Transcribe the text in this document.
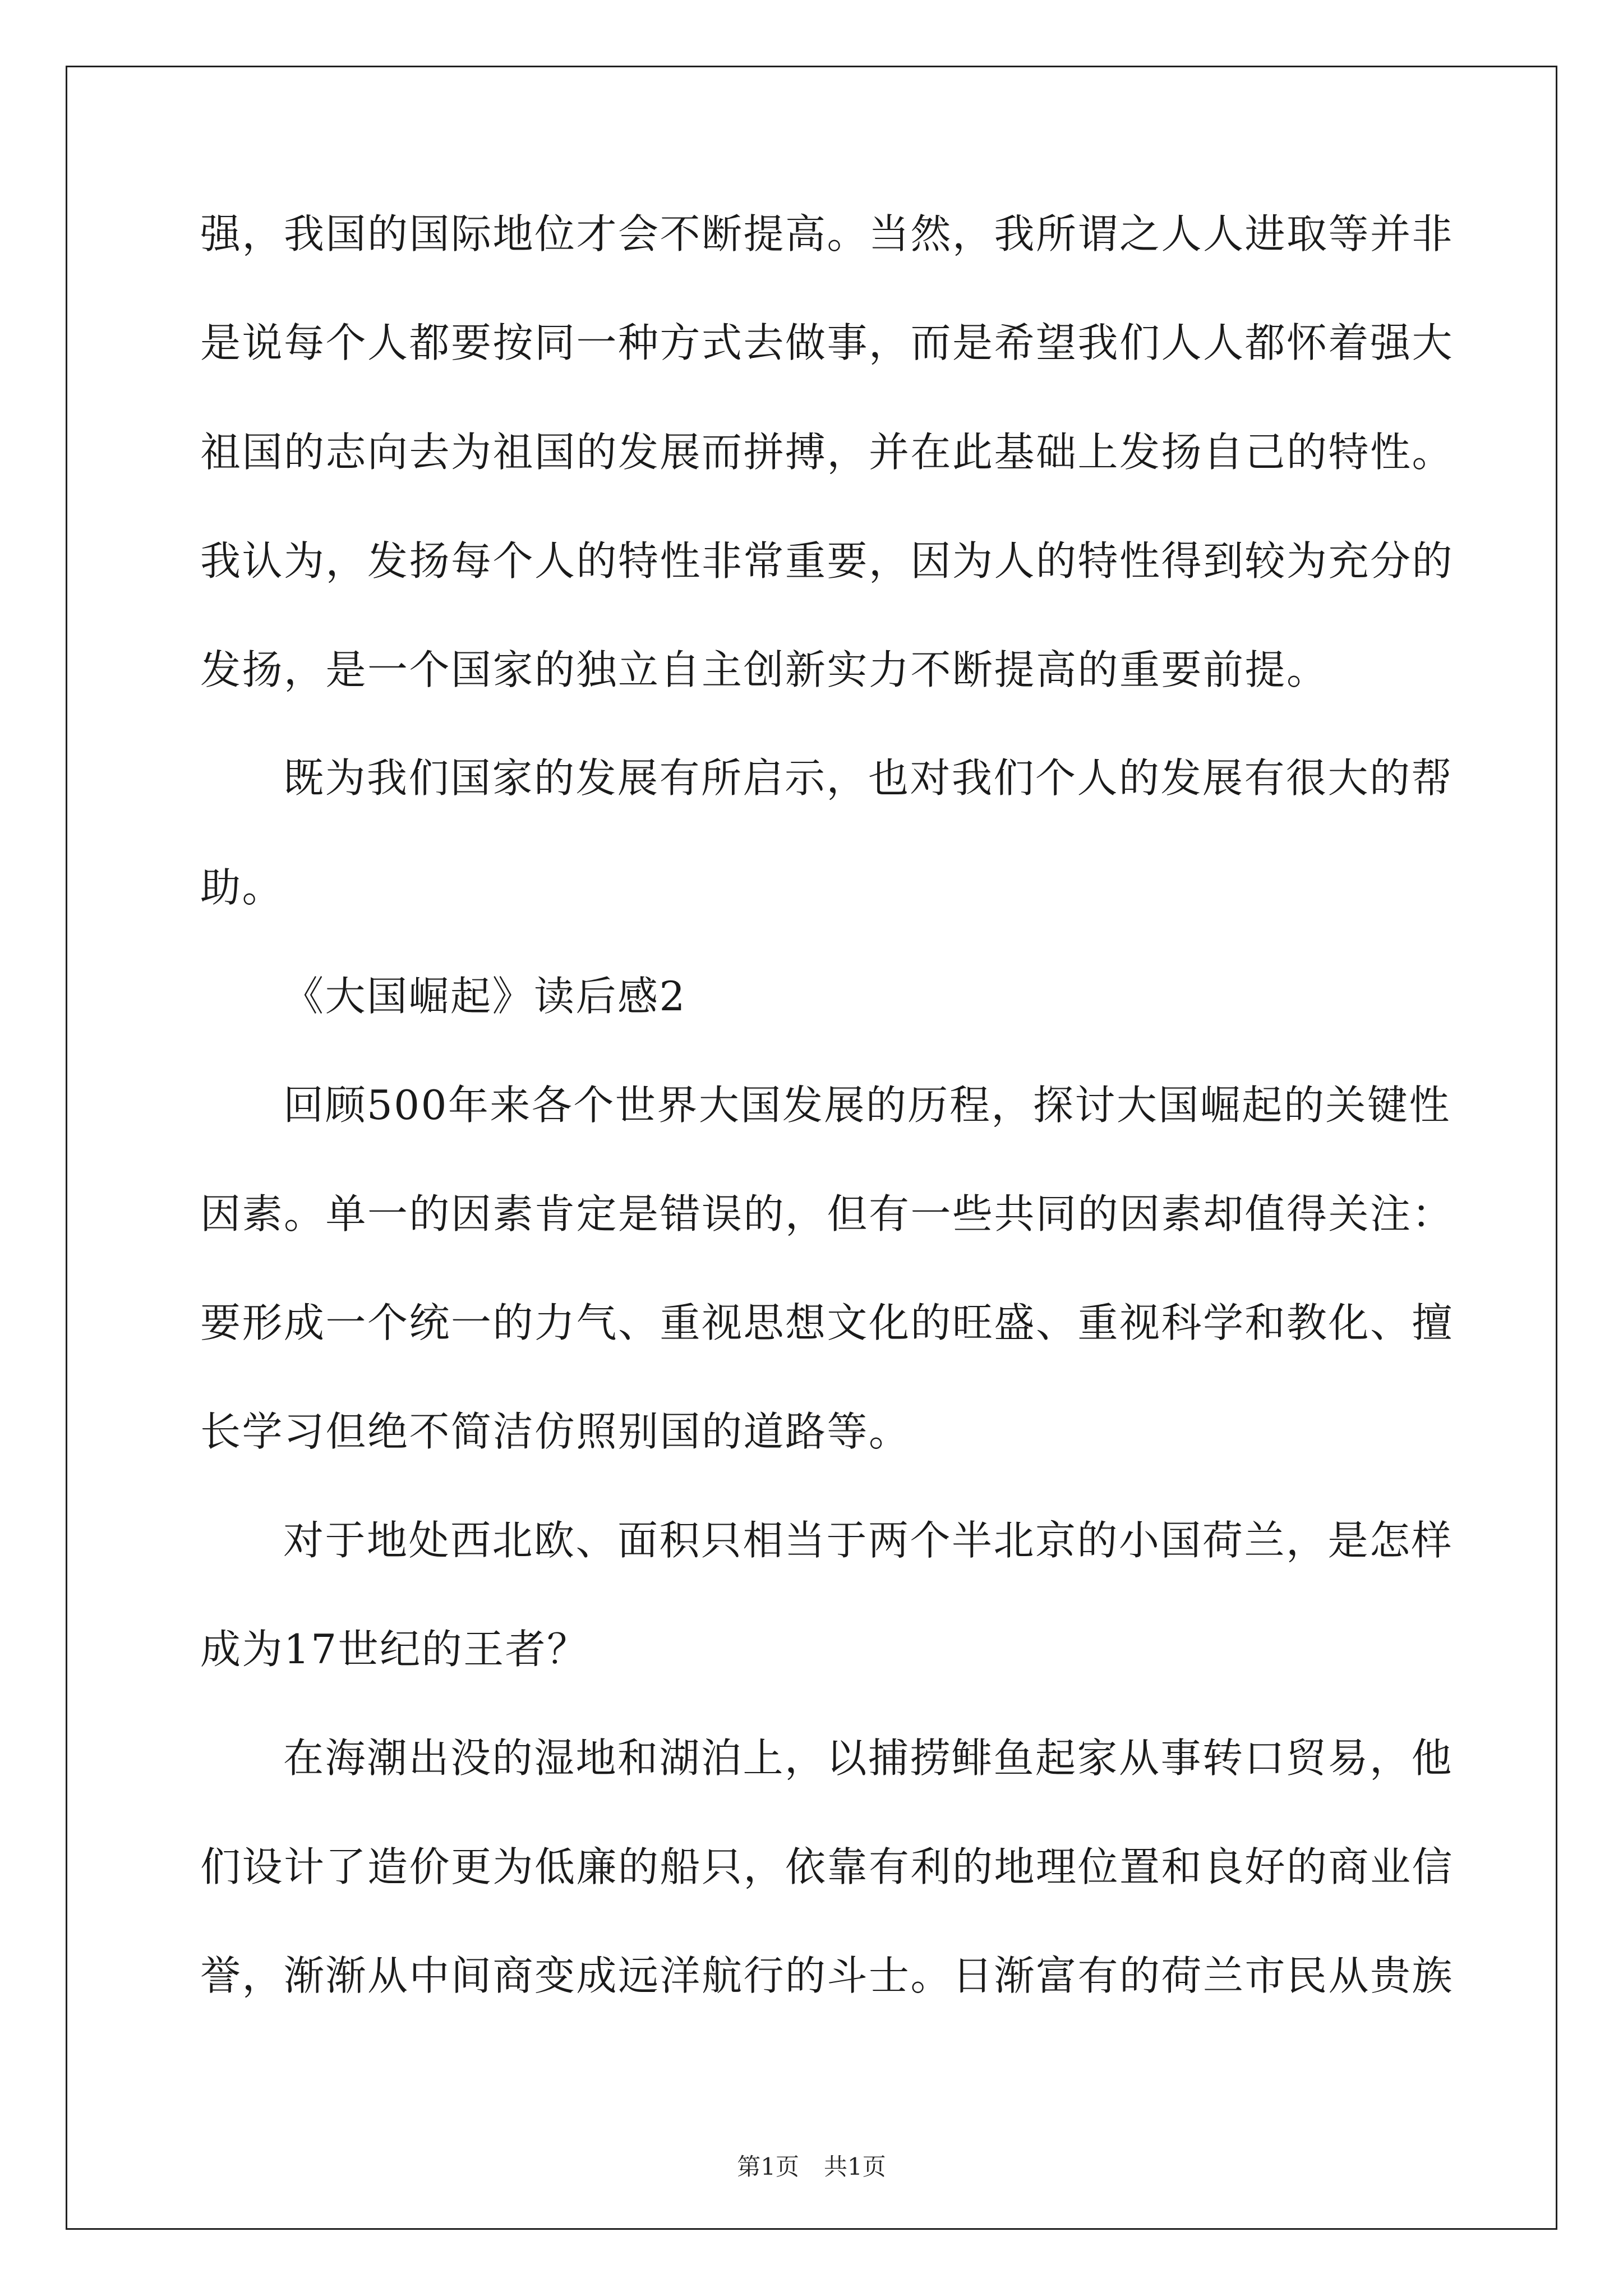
强，我国的国际地位才会不断提高。当然，我所谓之人人进取等并非
是说每个人都要按同一种方式去做事，而是希望我们人人都怀着强大
祖国的志向去为祖国的发展而拼搏，并在此基础上发扬自己的特性。
我认为，发扬每个人的特性非常重要，因为人的特性得到较为充分的
发扬，是一个国家的独立自主创新实力不断提高的重要前提。
既为我们国家的发展有所启示，也对我们个人的发展有很大的帮
助。
《大国崛起》读后感2
回顾500年来各个世界大国发展的历程，探讨大国崛起的关键性
因素。单一的因素肯定是错误的，但有一些共同的因素却值得关注：
要形成一个统一的力气、重视思想文化的旺盛、重视科学和教化、擅
长学习但绝不简洁仿照别国的道路等。
对于地处西北欧、面积只相当于两个半北京的小国荷兰，是怎样
成为17世纪的王者？
在海潮出没的湿地和湖泊上，以捕捞鲱鱼起家从事转口贸易，他
们设计了造价更为低廉的船只，依靠有利的地理位置和良好的商业信
誉，渐渐从中间商变成远洋航行的斗士。日渐富有的荷兰市民从贵族
第1页 共1页
